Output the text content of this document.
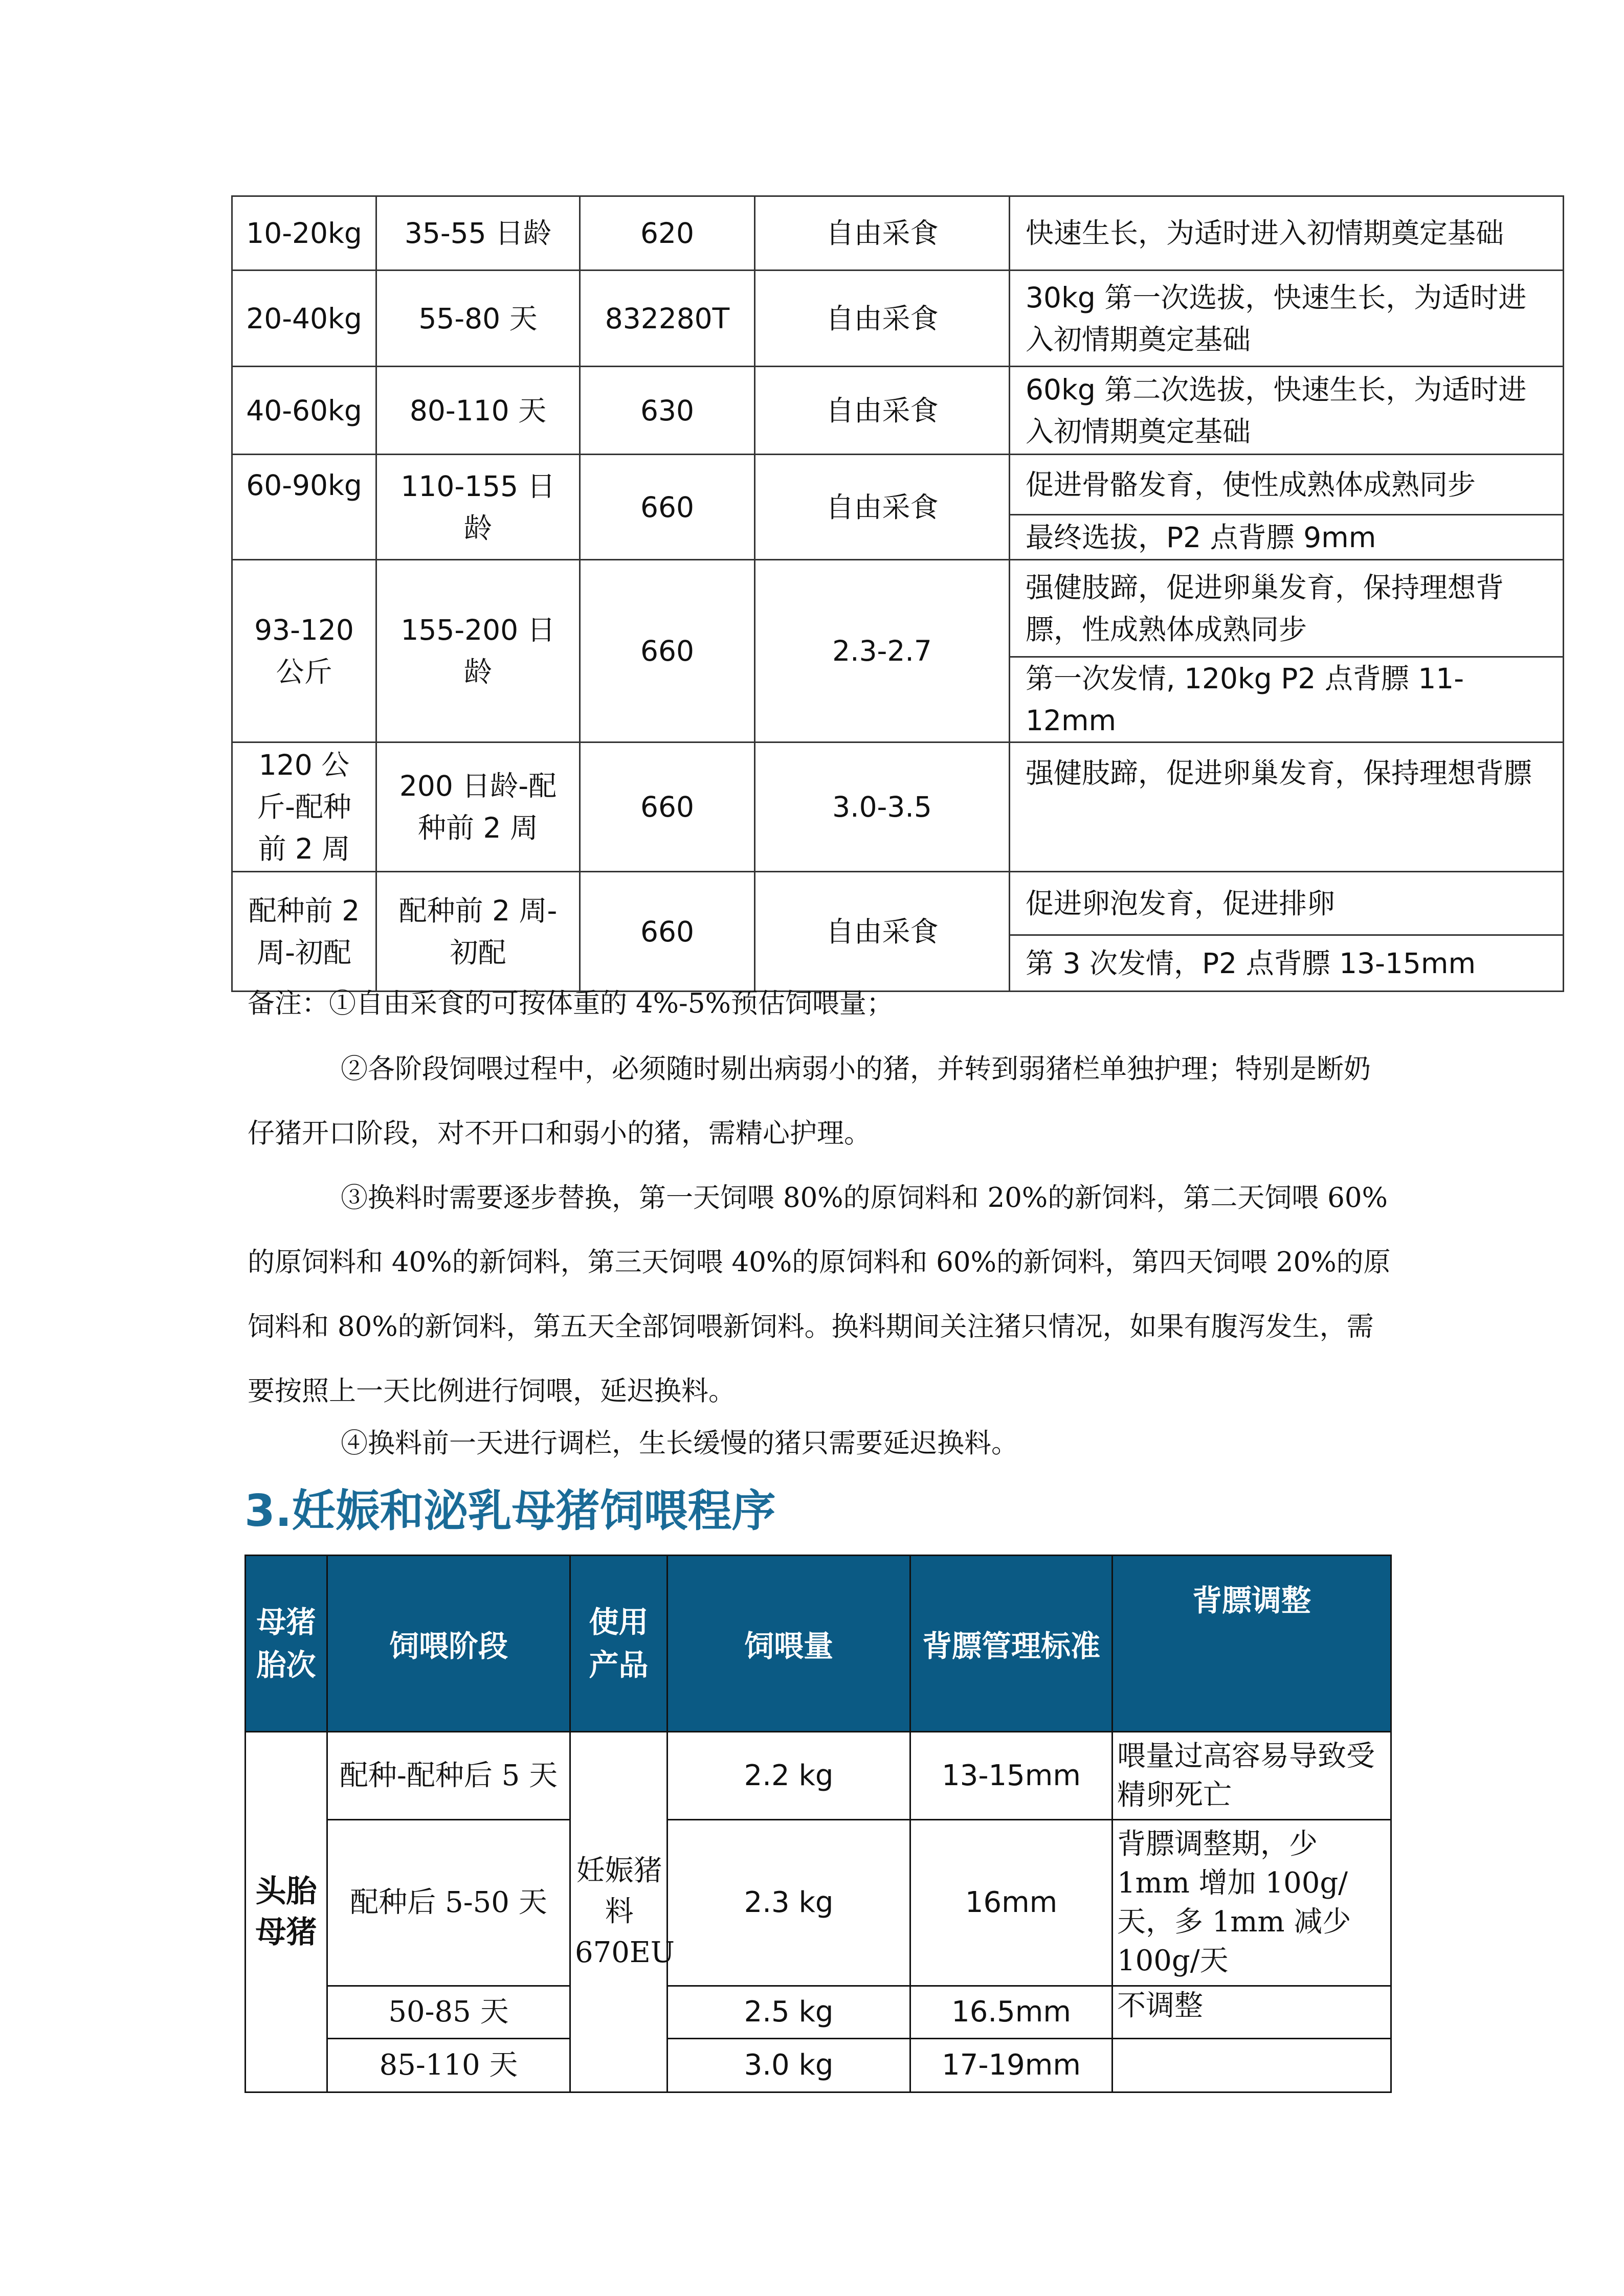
10-20kg	35-55 日龄	620	自由采食	快速生长，为适时进入初情期奠定基础
20-40kg	55-80 天	832280T	自由采食	30kg 第一次选拔，快速生长，为适时进入初情期奠定基础
40-60kg	80-110 天	630	自由采食	60kg 第二次选拔，快速生长，为适时进入初情期奠定基础
60-90kg	110-155 日龄	660	自由采食	促进骨骼发育，使性成熟体成熟同步
				最终选拔，P2 点背膘 9mm
93-120 公斤	155-200 日龄	660	2.3-2.7	强健肢蹄，促进卵巢发育，保持理想背膘，性成熟体成熟同步
				第一次发情, 120kg P2 点背膘 11-12mm
120 公斤-配种前 2 周	200 日龄-配种前 2 周	660	3.0-3.5	强健肢蹄，促进卵巢发育，保持理想背膘
配种前 2 周-初配	配种前 2 周-初配	660	自由采食	促进卵泡发育，促进排卵
				第 3 次发情，P2 点背膘 13-15mm

备注：①自由采食的可按体重的 4%-5%预估饲喂量；

②各阶段饲喂过程中，必须随时剔出病弱小的猪，并转到弱猪栏单独护理；特别是断奶仔猪开口阶段，对不开口和弱小的猪，需精心护理。

③换料时需要逐步替换，第一天饲喂 80%的原饲料和 20%的新饲料，第二天饲喂 60%的原饲料和 40%的新饲料，第三天饲喂 40%的原饲料和 60%的新饲料，第四天饲喂 20%的原饲料和 80%的新饲料，第五天全部饲喂新饲料。换料期间关注猪只情况，如果有腹泻发生，需要按照上一天比例进行饲喂，延迟换料。

④换料前一天进行调栏，生长缓慢的猪只需要延迟换料。

3.妊娠和泌乳母猪饲喂程序
母猪胎次	饲喂阶段	使用产品	饲喂量	背膘管理标准	背膘调整

头胎母猪	配种-配种后 5 天	妊娠猪料 670EU	2.2 kg	13-15mm	喂量过高容易导致受精卵死亡
	配种后 5-50 天		2.3 kg	16mm	背膘调整期，少 1mm 增加 100g/天，多 1mm 减少 100g/天
	50-85 天		2.5 kg	16.5mm	不调整
	85-110 天		3.0 kg	17-19mm	
